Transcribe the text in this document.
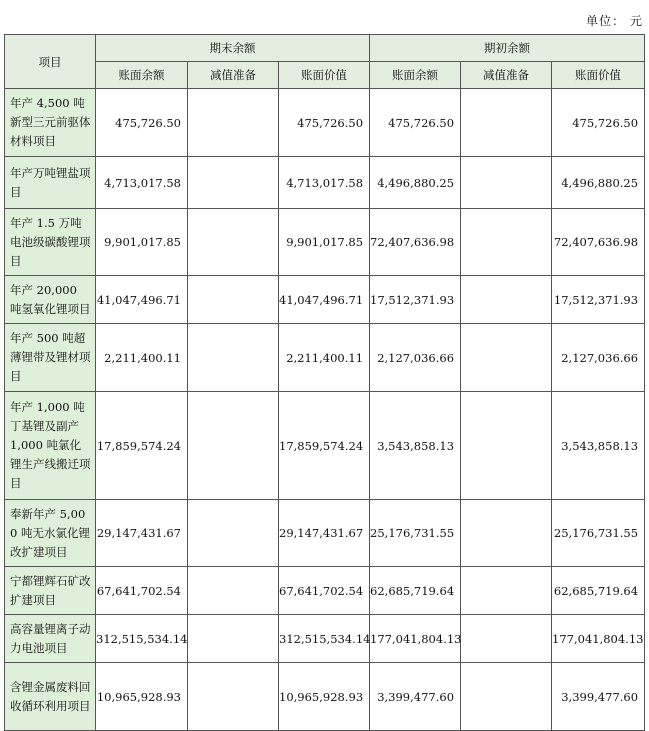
单位： 元
项目	期末余额			期初余额		
	账面余额	减值准备	账面价值	账面余额	减值准备	账面价值
年产 4,500 吨新型三元前驱体材料项目	475,726.50		475,726.50	475,726.50		475,726.50
年产万吨锂盐项目	4,713,017.58		4,713,017.58	4,496,880.25		4,496,880.25
年产 1.5 万吨电池级碳酸锂项目	9,901,017.85		9,901,017.85	72,407,636.98		72,407,636.98
年产 20,000 吨氢氧化锂项目	41,047,496.71		41,047,496.71	17,512,371.93		17,512,371.93
年产 500 吨超薄锂带及锂材项目	2,211,400.11		2,211,400.11	2,127,036.66		2,127,036.66
年产 1,000 吨丁基锂及副产 1,000 吨氯化锂生产线搬迁项目	17,859,574.24		17,859,574.24	3,543,858.13		3,543,858.13
奉新年产 5,000 吨无水氯化锂改扩建项目	29,147,431.67		29,147,431.67	25,176,731.55		25,176,731.55
宁都锂辉石矿改扩建项目	67,641,702.54		67,641,702.54	62,685,719.64		62,685,719.64
高容量锂离子动力电池项目	312,515,534.14		312,515,534.14	177,041,804.13		177,041,804.13
含锂金属废料回收循环利用项目	10,965,928.93		10,965,928.93	3,399,477.60		3,399,477.60
